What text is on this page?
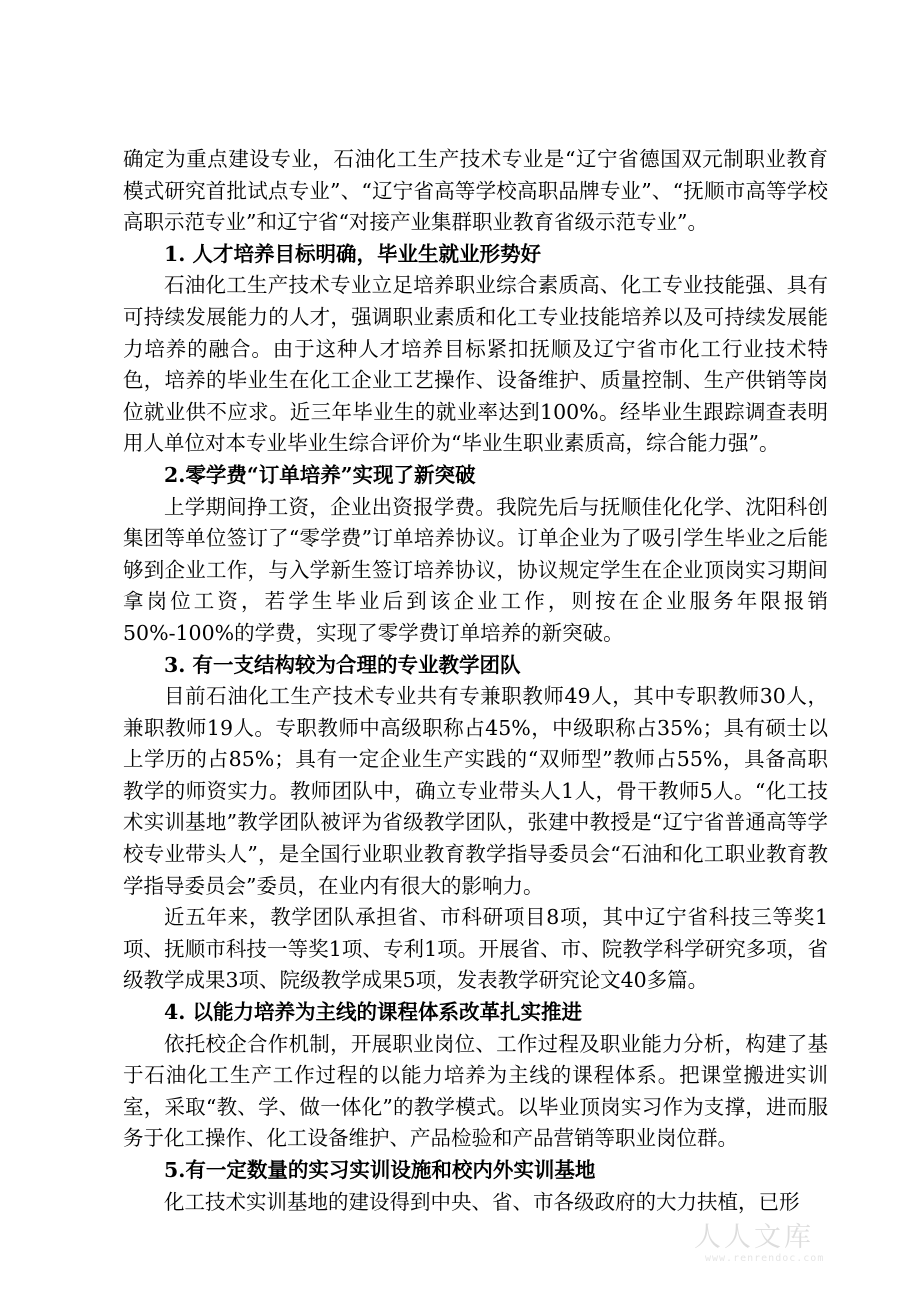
确定为重点建设专业，石油化工生产技术专业是“辽宁省德国双元制职业教育模式研究首批试点专业”、“辽宁省高等学校高职品牌专业”、“抚顺市高等学校高职示范专业”和辽宁省“对接产业集群职业教育省级示范专业”。

1. 人才培养目标明确，毕业生就业形势好

石油化工生产技术专业立足培养职业综合素质高、化工专业技能强、具有可持续发展能力的人才，强调职业素质和化工专业技能培养以及可持续发展能力培养的融合。由于这种人才培养目标紧扣抚顺及辽宁省市化工行业技术特色，培养的毕业生在化工企业工艺操作、设备维护、质量控制、生产供销等岗位就业供不应求。近三年毕业生的就业率达到100%。经毕业生跟踪调查表明用人单位对本专业毕业生综合评价为“毕业生职业素质高，综合能力强”。

2.零学费“订单培养”实现了新突破

上学期间挣工资，企业出资报学费。我院先后与抚顺佳化化学、沈阳科创集团等单位签订了“零学费”订单培养协议。订单企业为了吸引学生毕业之后能够到企业工作，与入学新生签订培养协议，协议规定学生在企业顶岗实习期间拿岗位工资，若学生毕业后到该企业工作，则按在企业服务年限报销50%-100%的学费，实现了零学费订单培养的新突破。

3. 有一支结构较为合理的专业教学团队

目前石油化工生产技术专业共有专兼职教师49人，其中专职教师30人，兼职教师19人。专职教师中高级职称占45%，中级职称占35%；具有硕士以上学历的占85%；具有一定企业生产实践的“双师型”教师占55%，具备高职教学的师资实力。教师团队中，确立专业带头人1人，骨干教师5人。“化工技术实训基地”教学团队被评为省级教学团队，张建中教授是“辽宁省普通高等学校专业带头人”，是全国行业职业教育教学指导委员会“石油和化工职业教育教学指导委员会”委员，在业内有很大的影响力。

近五年来，教学团队承担省、市科研项目8项，其中辽宁省科技三等奖1项、抚顺市科技一等奖1项、专利1项。开展省、市、院教学科学研究多项，省级教学成果3项、院级教学成果5项，发表教学研究论文40多篇。

4. 以能力培养为主线的课程体系改革扎实推进

依托校企合作机制，开展职业岗位、工作过程及职业能力分析，构建了基于石油化工生产工作过程的以能力培养为主线的课程体系。把课堂搬进实训室，采取“教、学、做一体化”的教学模式。以毕业顶岗实习作为支撑，进而服务于化工操作、化工设备维护、产品检验和产品营销等职业岗位群。

5.有一定数量的实习实训设施和校内外实训基地

化工技术实训基地的建设得到中央、省、市各级政府的大力扶植，已形

人人文库
www.renrendoc.com
